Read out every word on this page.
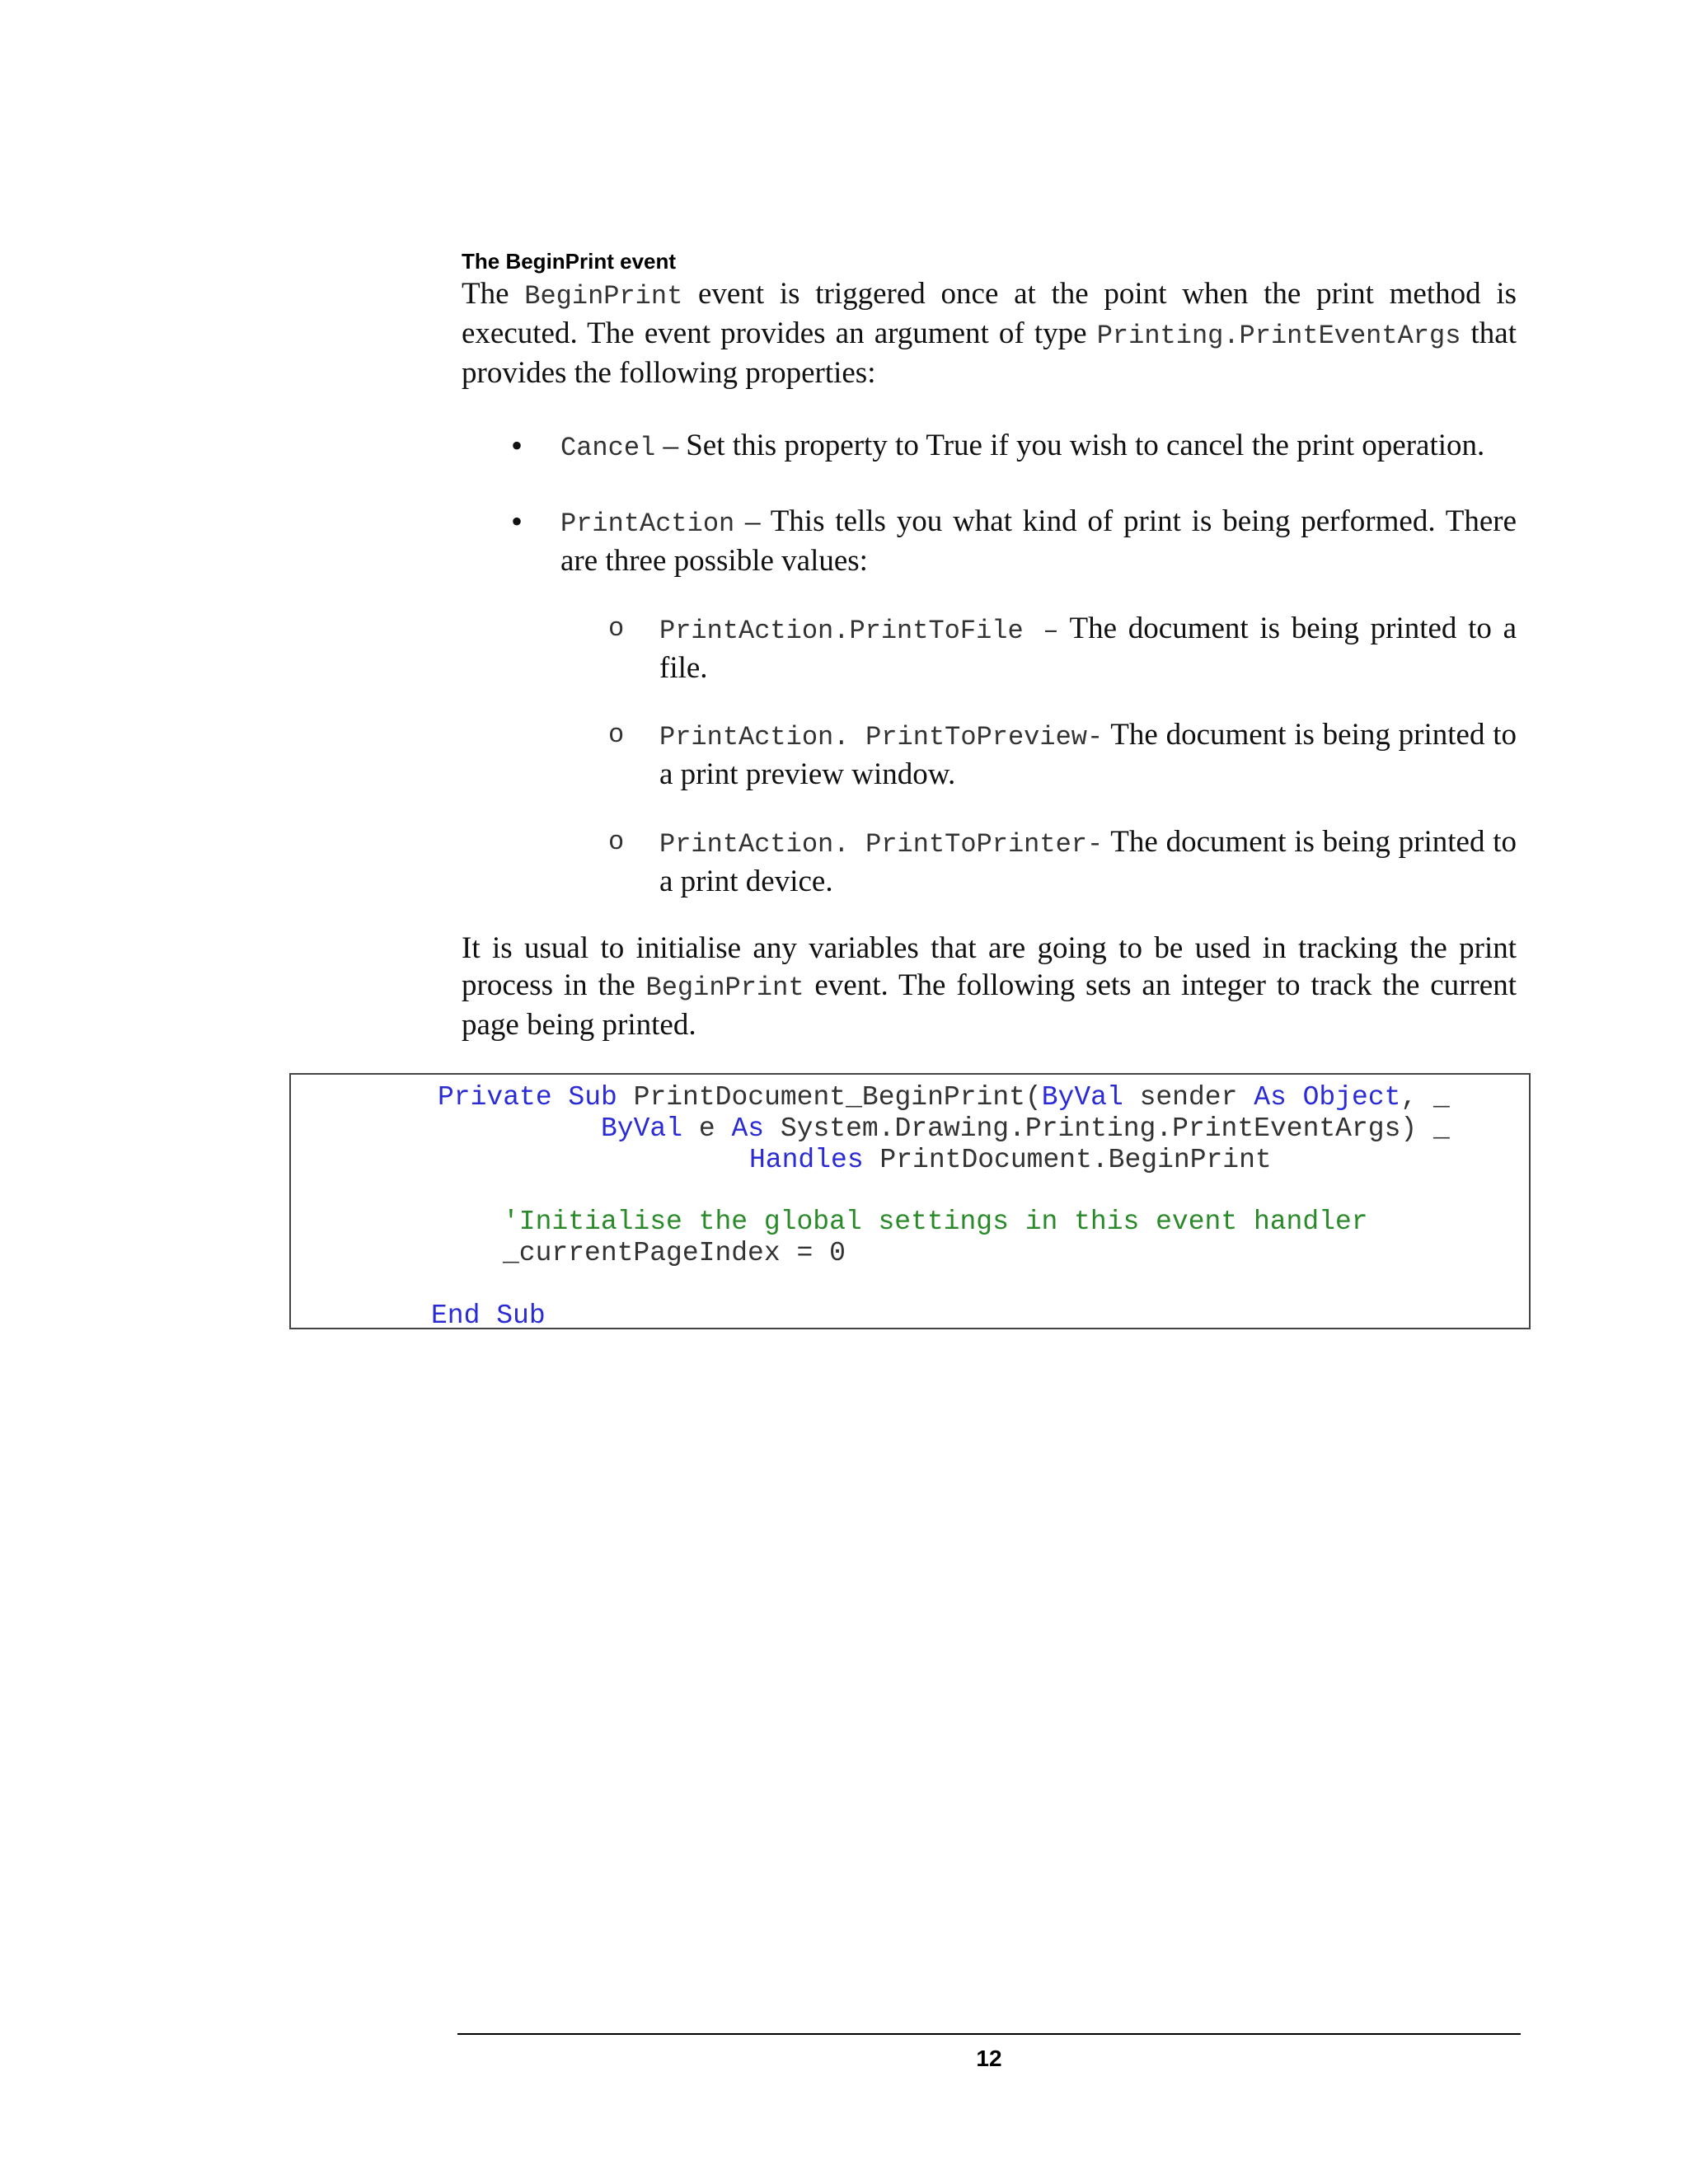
The BeginPrint event
The BeginPrint event is triggered once at the point when the print method is executed. The event provides an argument of type Printing.PrintEventArgs that provides the following properties:
• Cancel – Set this property to True if you wish to cancel the print operation.
• PrintAction – This tells you what kind of print is being performed. There are three possible values:
o PrintAction.PrintToFile – The document is being printed to a file.
o PrintAction. PrintToPreview- The document is being printed to a print preview window.
o PrintAction. PrintToPrinter- The document is being printed to a print device.
It is usual to initialise any variables that are going to be used in tracking the print process in the BeginPrint event. The following sets an integer to track the current page being printed.
Private Sub PrintDocument_BeginPrint(ByVal sender As Object, _
ByVal e As System.Drawing.Printing.PrintEventArgs) _
Handles PrintDocument.BeginPrint
'Initialise the global settings in this event handler
_currentPageIndex = 0
End Sub
12
